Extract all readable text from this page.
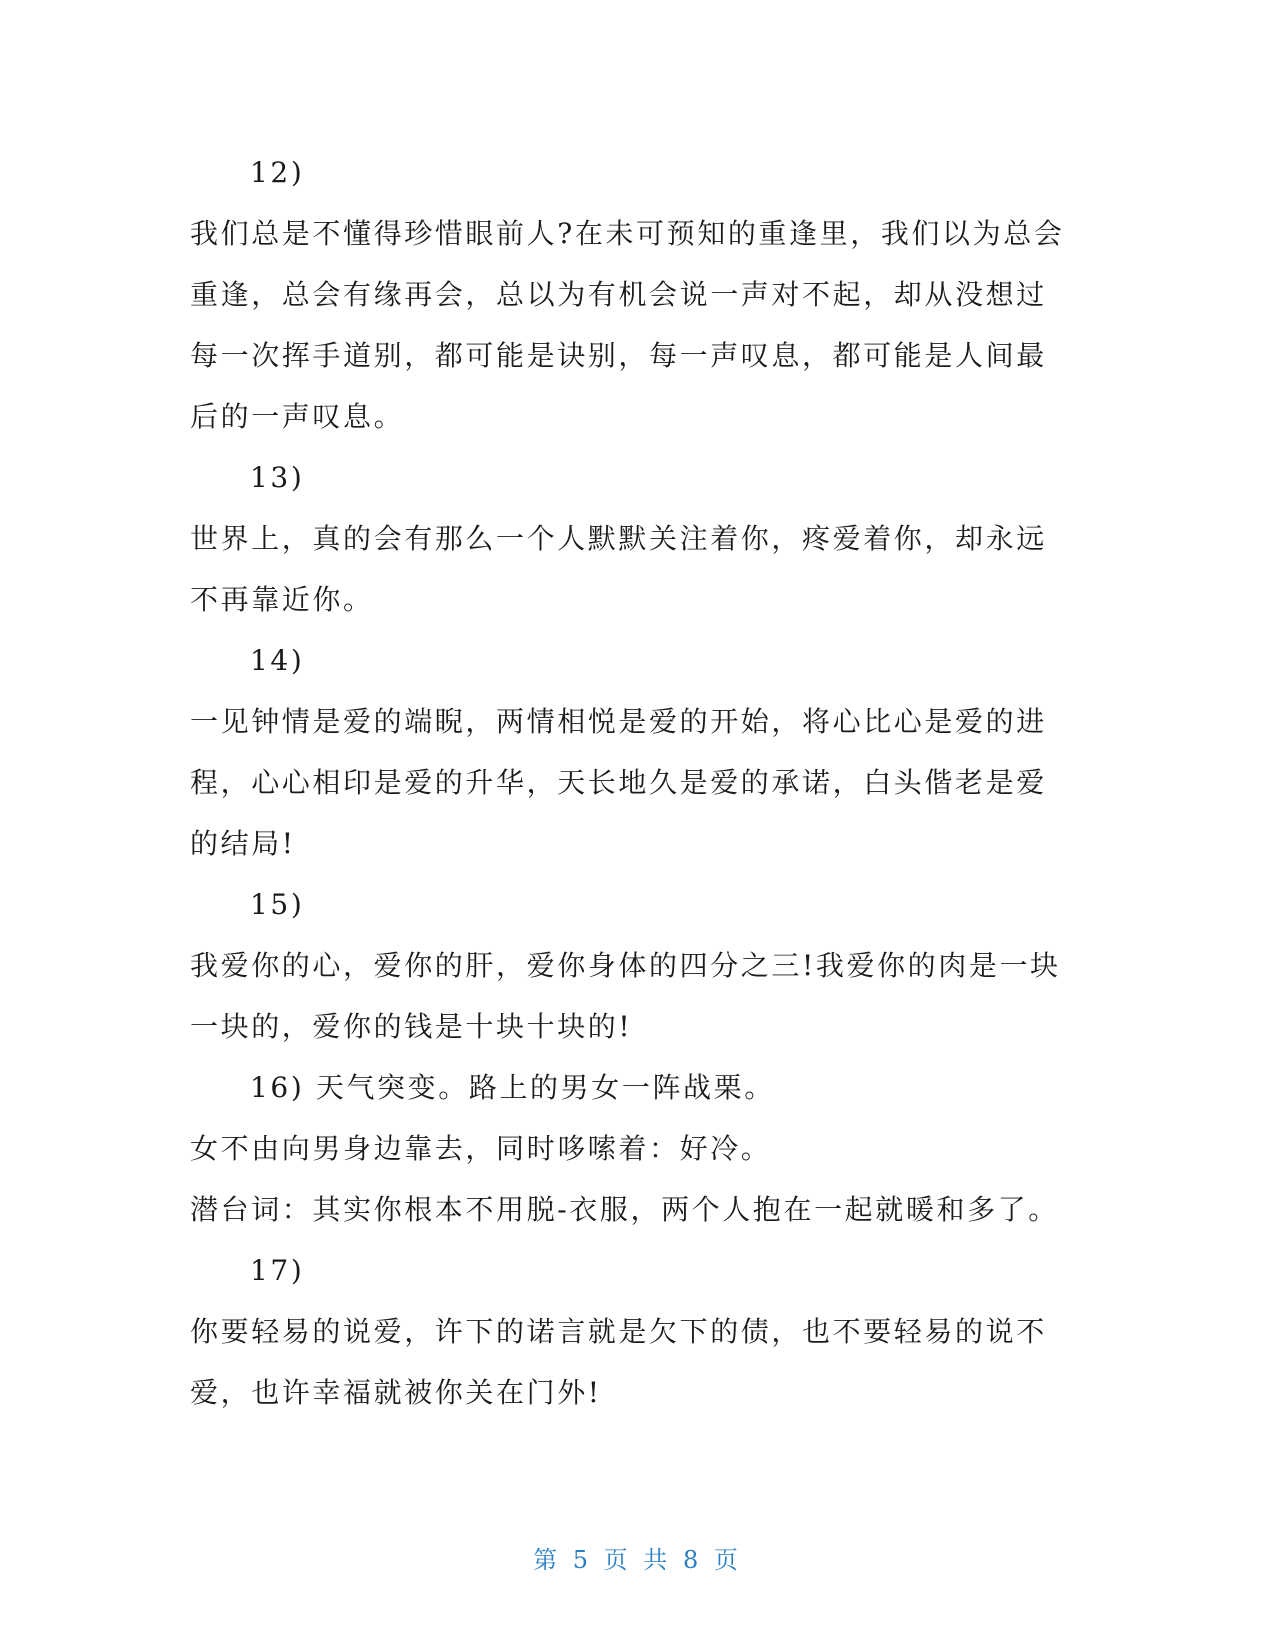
12)
我们总是不懂得珍惜眼前人?在未可预知的重逢里，我们以为总会
重逢，总会有缘再会，总以为有机会说一声对不起，却从没想过
每一次挥手道别，都可能是诀别，每一声叹息，都可能是人间最
后的一声叹息。
13)
世界上，真的会有那么一个人默默关注着你，疼爱着你，却永远
不再靠近你。
14)
一见钟情是爱的端睨，两情相悦是爱的开始，将心比心是爱的进
程，心心相印是爱的升华，天长地久是爱的承诺，白头偕老是爱
的结局!
15)
我爱你的心，爱你的肝，爱你身体的四分之三!我爱你的肉是一块
一块的，爱你的钱是十块十块的!
16) 天气突变。路上的男女一阵战栗。
女不由向男身边靠去，同时哆嗦着：好冷。
潜台词：其实你根本不用脱-衣服，两个人抱在一起就暖和多了。
17)
你要轻易的说爱，许下的诺言就是欠下的债，也不要轻易的说不
爱，也许幸福就被你关在门外!
第 5 页 共 8 页
